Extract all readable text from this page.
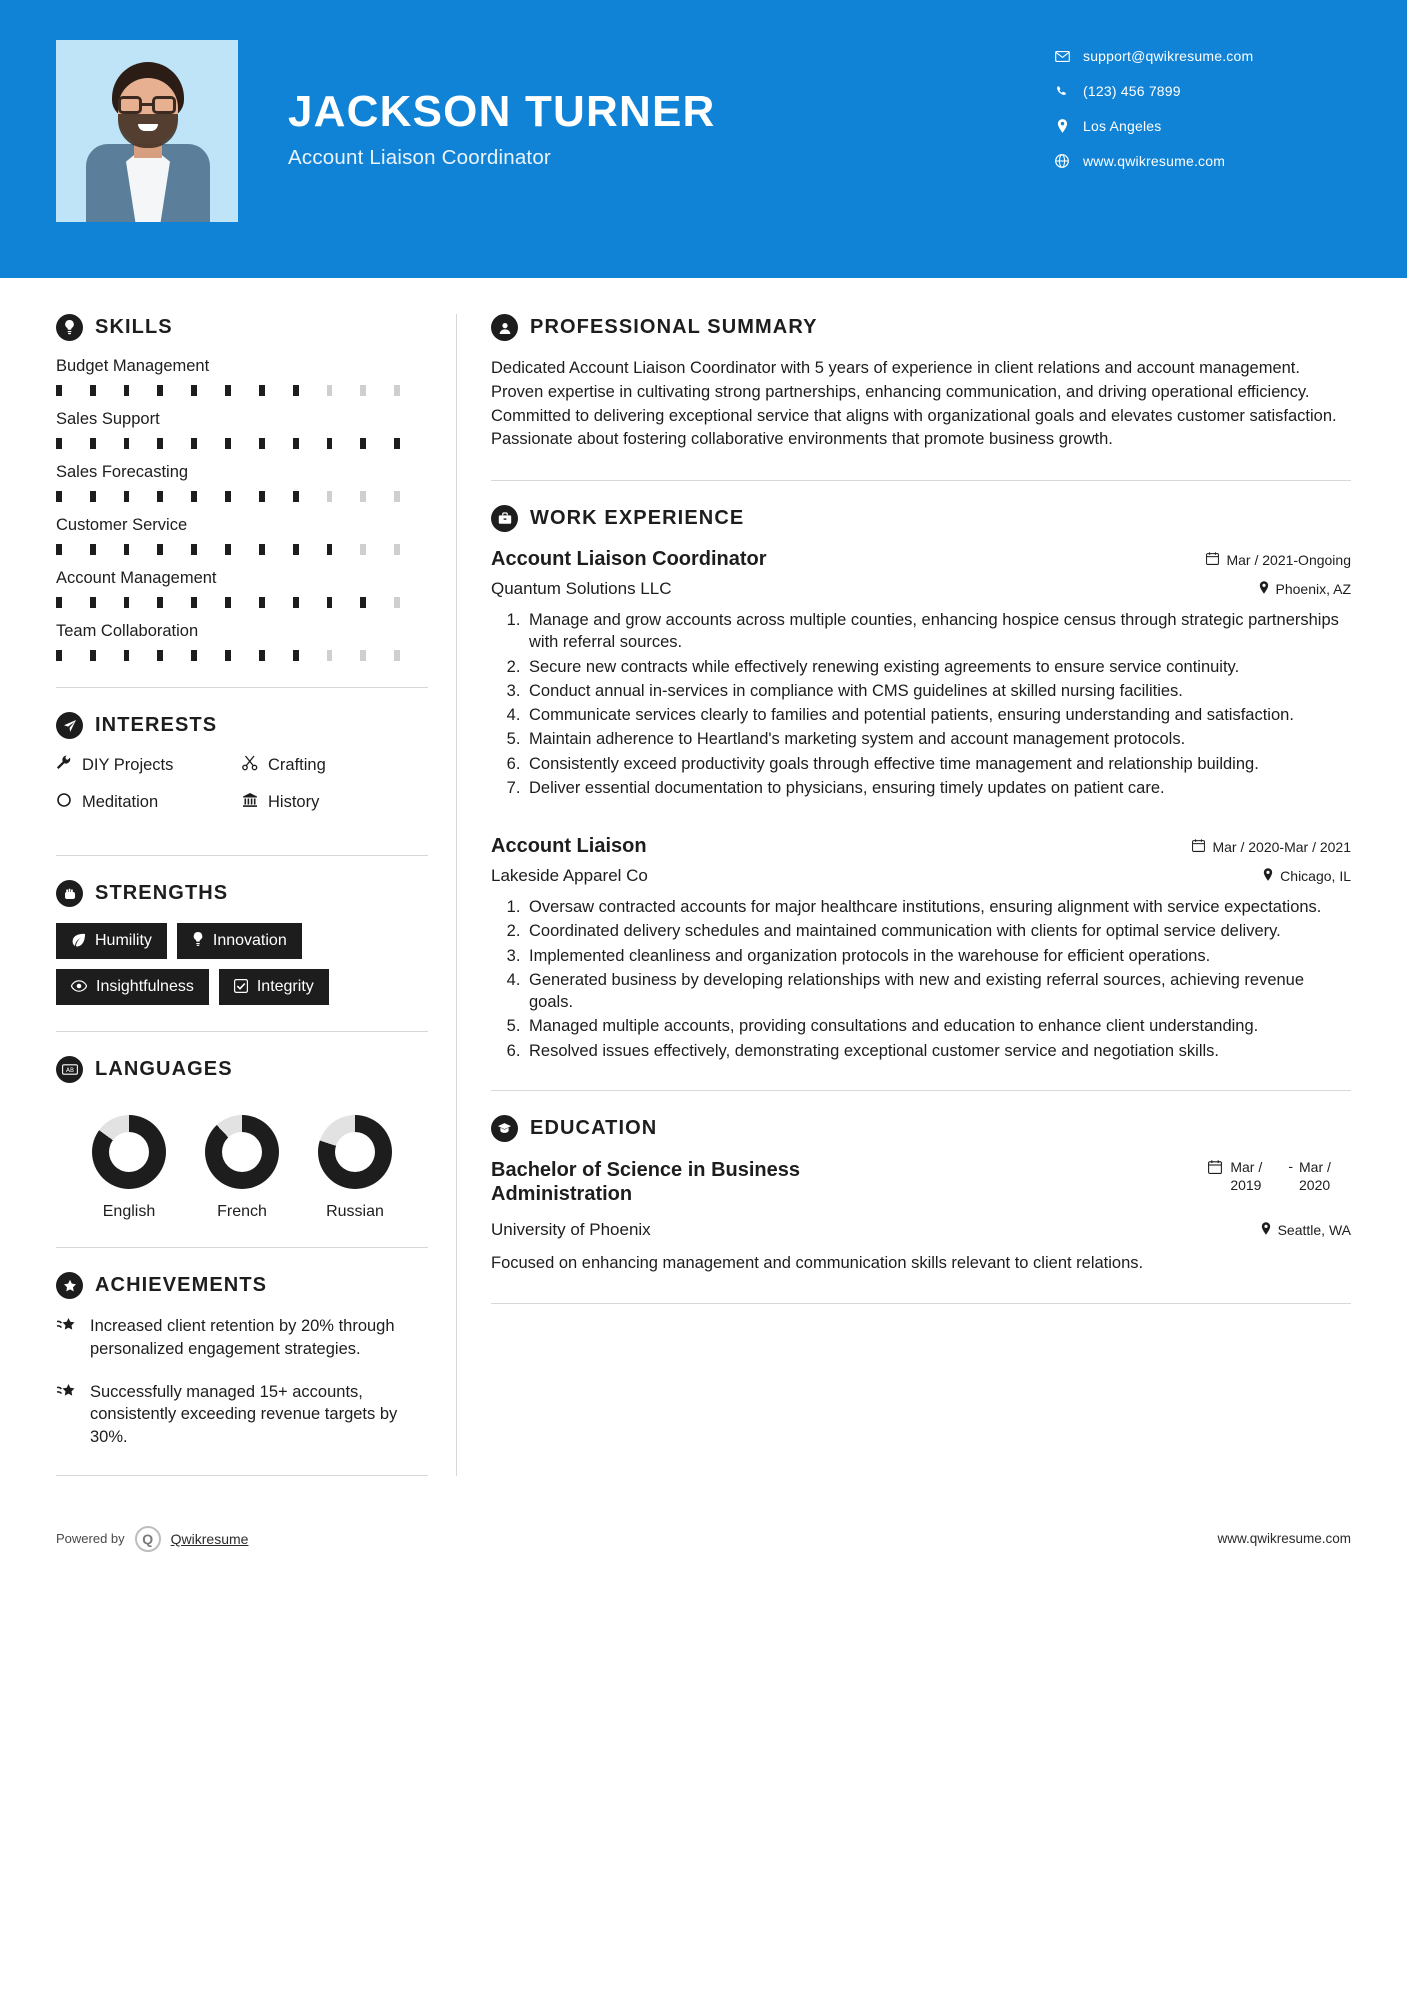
JACKSON TURNER
Account Liaison Coordinator
support@qwikresume.com
(123) 456 7899
Los Angeles
www.qwikresume.com
SKILLS
Budget Management
Sales Support
Sales Forecasting
Customer Service
Account Management
Team Collaboration
INTERESTS
DIY Projects	Crafting
Meditation	History
STRENGTHS
Humility	Innovation
Insightfulness	Integrity
AB LANGUAGES
English	French	Russian
ACHIEVEMENTS
Increased client retention by 20% through personalized engagement strategies.
Successfully managed 15+ accounts, consistently exceeding revenue targets by 30%.
PROFESSIONAL SUMMARY
Dedicated Account Liaison Coordinator with 5 years of experience in client relations and account management. Proven expertise in cultivating strong partnerships, enhancing communication, and driving operational efficiency. Committed to delivering exceptional service that aligns with organizational goals and elevates customer satisfaction. Passionate about fostering collaborative environments that promote business growth.
WORK EXPERIENCE
Account Liaison Coordinator	Mar / 2021-Ongoing
Quantum Solutions LLC	Phoenix, AZ
1. Manage and grow accounts across multiple counties, enhancing hospice census through strategic partnerships with referral sources.
2. Secure new contracts while effectively renewing existing agreements to ensure service continuity.
3. Conduct annual in-services in compliance with CMS guidelines at skilled nursing facilities.
4. Communicate services clearly to families and potential patients, ensuring understanding and satisfaction.
5. Maintain adherence to Heartland's marketing system and account management protocols.
6. Consistently exceed productivity goals through effective time management and relationship building.
7. Deliver essential documentation to physicians, ensuring timely updates on patient care.
Account Liaison	Mar / 2020-Mar / 2021
Lakeside Apparel Co	Chicago, IL
1. Oversaw contracted accounts for major healthcare institutions, ensuring alignment with service expectations.
2. Coordinated delivery schedules and maintained communication with clients for optimal service delivery.
3. Implemented cleanliness and organization protocols in the warehouse for efficient operations.
4. Generated business by developing relationships with new and existing referral sources, achieving revenue goals.
5. Managed multiple accounts, providing consultations and education to enhance client understanding.
6. Resolved issues effectively, demonstrating exceptional customer service and negotiation skills.
EDUCATION
Bachelor of Science in Business Administration
Mar / 2019
- Mar / 2020
University of Phoenix	Seattle, WA
Focused on enhancing management and communication skills relevant to client relations.
Powered by	Q	Qwikresume	www.qwikresume.com
